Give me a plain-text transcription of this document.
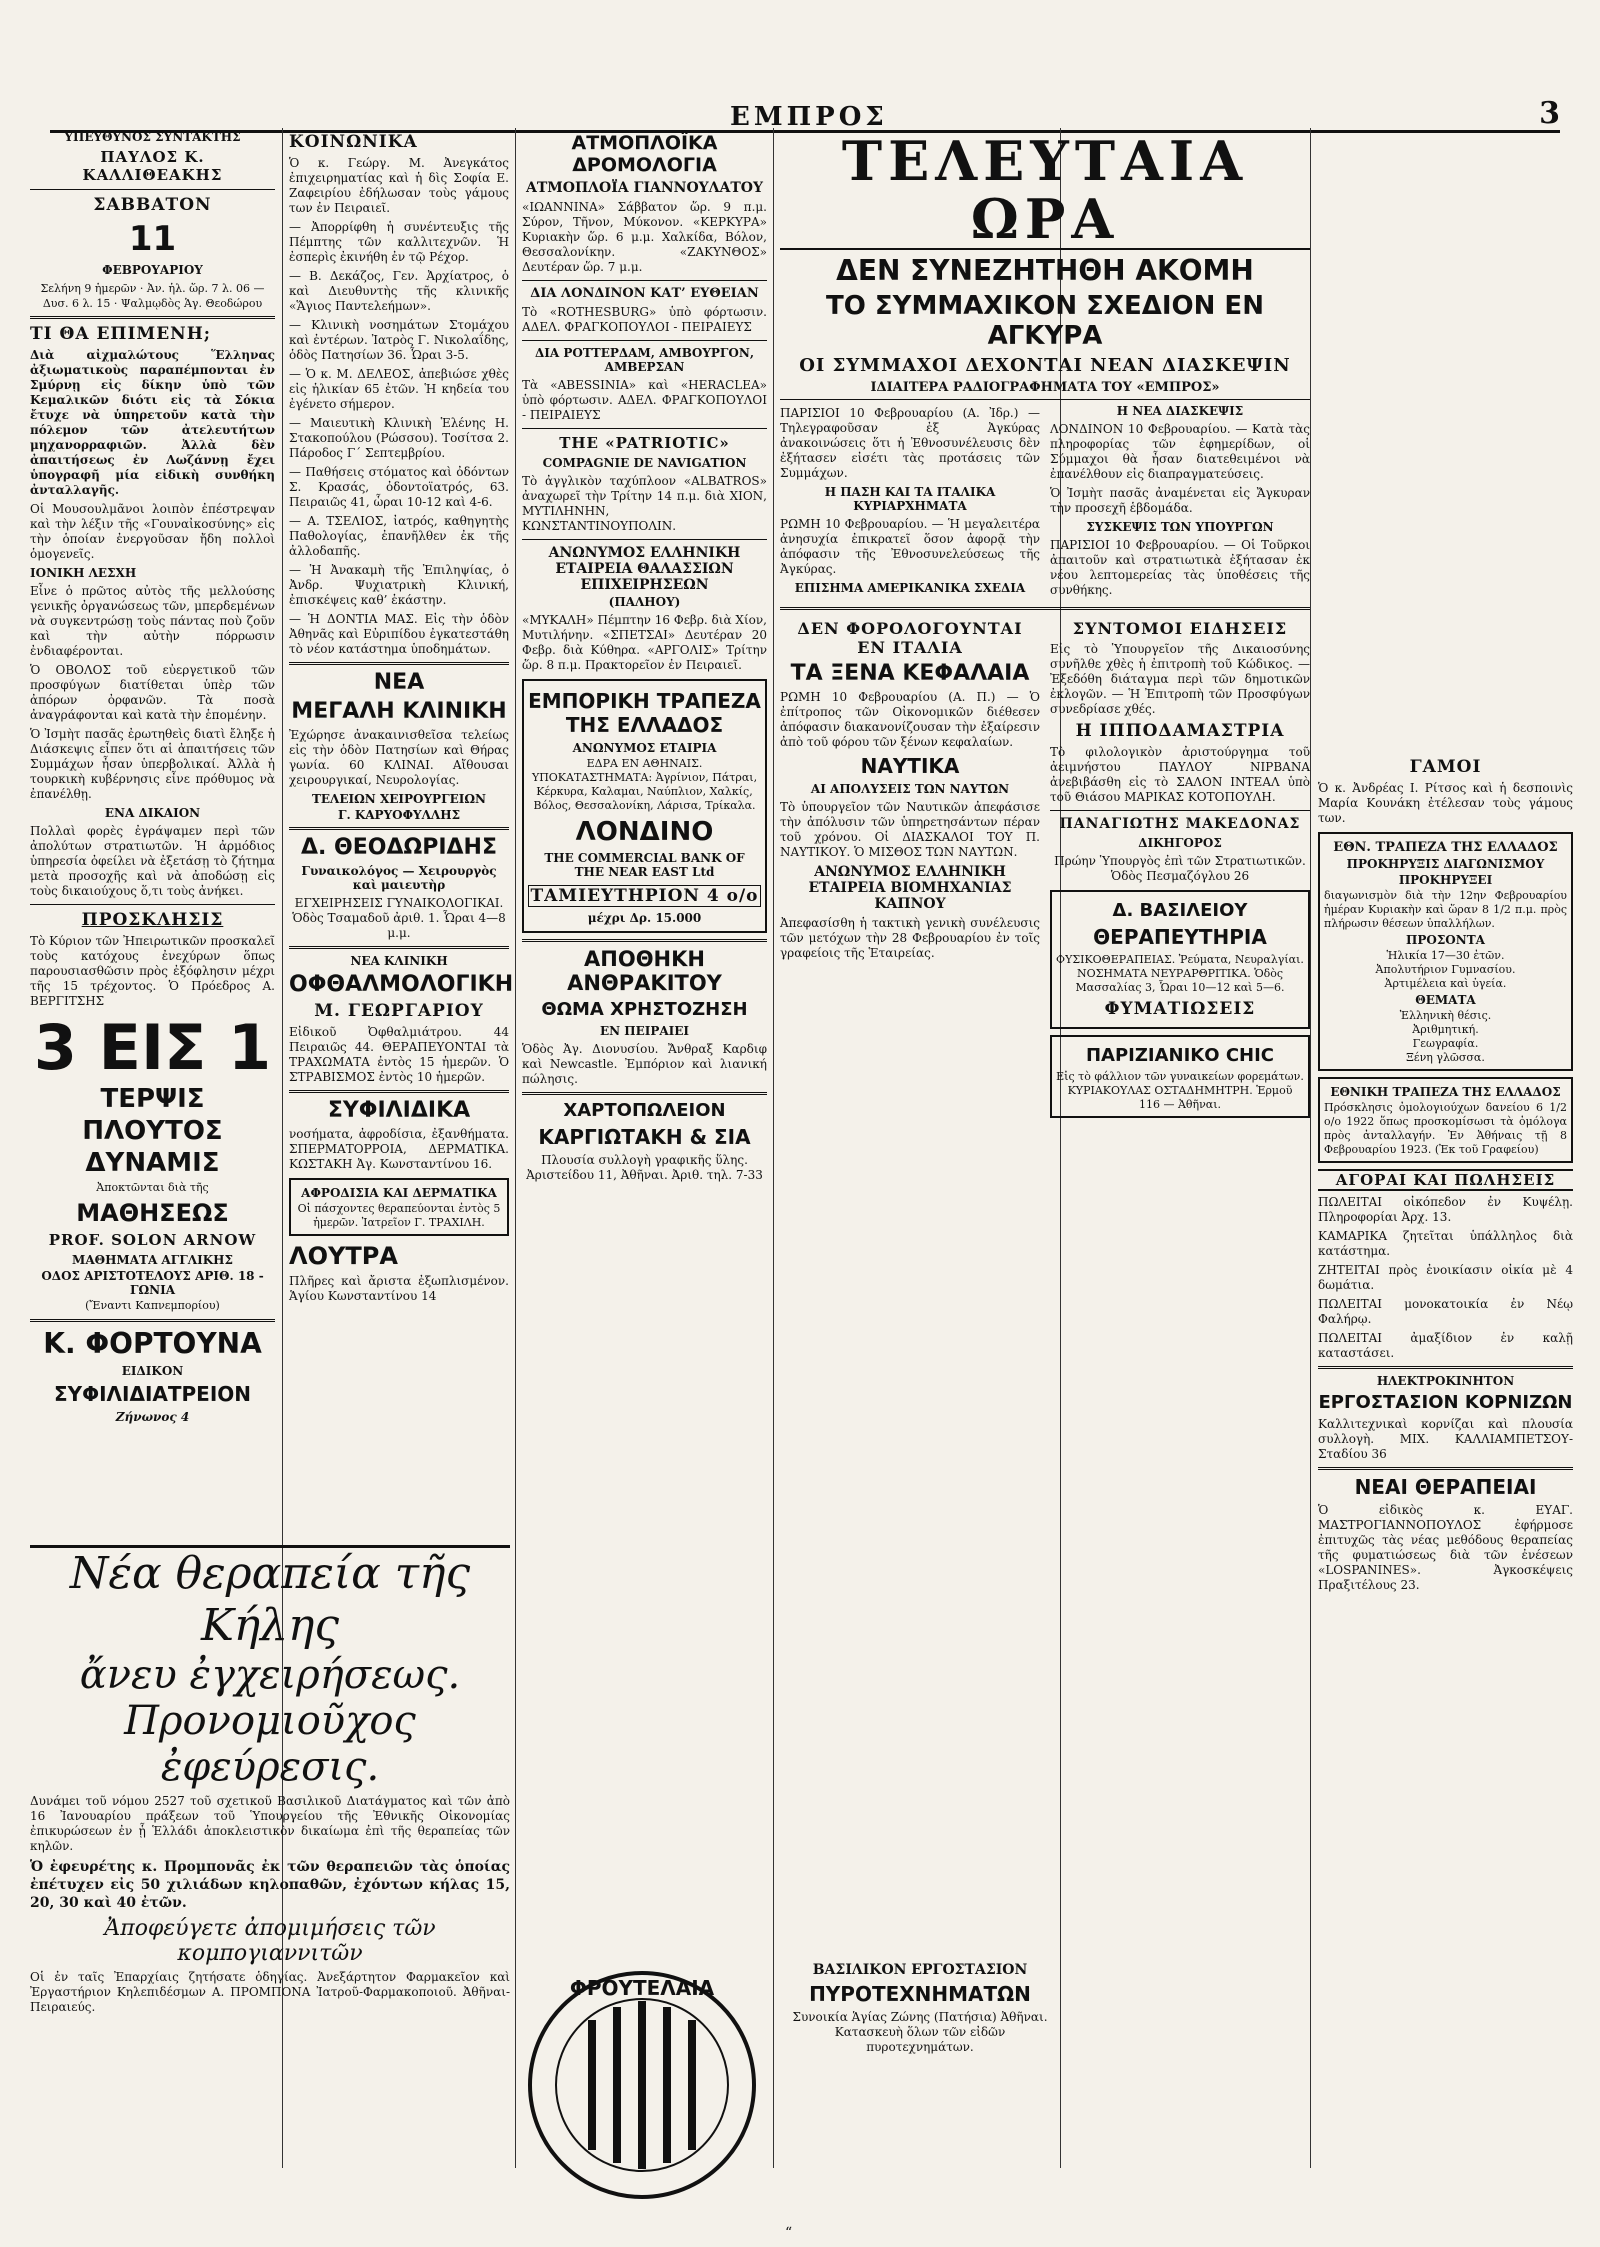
ΕΜΠΡΟΣ	3
ΥΠΕΥΘΥΝΟΣ ΣΥΝΤΑΚΤΗΣ
ΠΑΥΛΟΣ Κ. ΚΑΛΛΙΘΕΑΚΗΣ
ΣΑΒΒΑΤΟΝ
11
ΦΕΒΡΟΥΑΡΙΟΥ
Σελήνη 9 ἡμερῶν · Ἀν. ἡλ. ὥρ. 7 λ. 06 —Δυσ. 6 λ. 15 · Ψαλμῳδὸς Ἁγ. Θεοδώρου
ΤΙ ΘΑ ΕΠΙΜΕΝΗ;
Διὰ αἰχμαλώτους Ἕλληνας ἀξιωματικοὺς παραπέμπονται ἐν Σμύρνῃ εἰς δίκην ὑπὸ τῶν Κεμαλικῶν διότι εἰς τὰ Σόκια ἔτυχε νὰ ὑπηρετοῦν κατὰ τὴν πόλεμον τῶν ἀτελευτήτων μηχανορραφιῶν. Ἀλλὰ δὲν ἀπαιτήσεως ἐν Λωζάννῃ ἔχει ὑπογραφῆ μία εἰδικὴ συνθήκη ἀνταλλαγῆς.
Οἱ Μουσουλμᾶνοι λοιπὸν ἐπέστρεψαν καὶ τὴν λέξιν τῆς «Γουναἰκοσύνης» εἰς τὴν ὁποίαν ἐνεργοῦσαν ἤδη πολλοὶ ὁμογενεῖς.
ΙΟΝΙΚΗ ΛΕΣΧΗ
Εἶνε ὁ πρῶτος αὐτὸς τῆς μελλούσης γενικῆς ὀργανώσεως τῶν, μπερδεμένων νὰ συγκεντρώσῃ τοὺς πάντας ποὺ ζοῦν καὶ τὴν αὐτὴν πόρρωσιν ἐνδιαφέρονται.
Ὁ ΟΒΟΛΟΣ τοῦ εὐεργετικοῦ τῶν προσφύγων διατίθεται ὑπὲρ τῶν ἀπόρων ὀρφανῶν. Τὰ ποσὰ ἀναγράφονται καὶ κατὰ τὴν ἑπομένην.
Ὁ Ἰσμὴτ πασᾶς ἐρωτηθεὶς διατὶ ἔληξε ἡ Διάσκεψις εἶπεν ὅτι αἱ ἀπαιτήσεις τῶν Συμμάχων ἦσαν ὑπερβολικαί. Ἀλλὰ ἡ τουρκικὴ κυβέρνησις εἶνε πρόθυμος νὰ ἐπανέλθῃ.
ΕΝΑ ΔΙΚΑΙΟΝ
Πολλαὶ φορὲς ἐγράψαμεν περὶ τῶν ἀπολύτων στρατιωτῶν. Ἡ ἀρμόδιος ὑπηρεσία ὀφείλει νὰ ἐξετάσῃ τὸ ζήτημα μετὰ προσοχῆς καὶ νὰ ἀποδώσῃ εἰς τοὺς δικαιούχους ὅ,τι τοὺς ἀνήκει.
ΠΡΟΣΚΛΗΣΙΣ
Τὸ Κύριον τῶν Ἠπειρωτικῶν προσκαλεῖ τοὺς κατόχους ἐνεχύρων ὅπως παρουσιασθῶσιν πρὸς ἐξόφλησιν μέχρι τῆς 15 τρέχοντος. Ὁ Πρόεδρος Α. ΒΕΡΓΙΤΣΗΣ
3 ΕΙΣ 1
ΤΕΡΨΙΣ
ΠΛΟΥΤΟΣ
ΔΥΝΑΜΙΣ
Ἀποκτῶνται διὰ τῆς
ΜΑΘΗΣΕΩΣ
PROF. SOLON ARNOW
ΜΑΘΗΜΑΤΑ ΑΓΓΛΙΚΗΣ
ΟΔΟΣ ΑΡΙΣΤΟΤΕΛΟΥΣ ΑΡΙΘ. 18 - ΓΩΝΙΑ
(Ἔναντι Καπνεμπορίου)
Κ. ΦΟΡΤΟΥΝΑ
ΕΙΔΙΚΟΝ
ΣΥΦΙΛΙΔΙΑΤΡΕΙΟΝ
Ζήνωνος 4
ΚΟΙΝΩΝΙΚΑ
Ὁ κ. Γεώργ. Μ. Ἀνεγκάτος ἐπιχειρηματίας καὶ ἡ δὶς Σοφία Ε. Ζαφειρίου ἐδήλωσαν τοὺς γάμους των ἐν Πειραιεῖ.
— Ἀπορρίφθη ἡ συνέντευξις τῆς Πέμπτης τῶν καλλιτεχνῶν. Ἡ ἐσπερὶς ἐκινήθη ἐν τῷ Ρέχορ.
— Β. Δεκάζος, Γεν. Ἀρχίατρος, ὁ καὶ Διευθυντὴς τῆς κλινικῆς «Ἅγιος Παντελεήμων».
— Κλινικὴ νοσημάτων Στομάχου καὶ ἐντέρων. Ἰατρὸς Γ. Νικολαΐδης, ὁδὸς Πατησίων 36. Ὧραι 3-5.
— Ὁ κ. Μ. ΔΕΛΕΟΣ, ἀπεβιώσε χθὲς εἰς ἡλικίαν 65 ἐτῶν. Ἡ κηδεία του ἐγένετο σήμερον.
— Μαιευτικὴ Κλινικὴ Ἑλένης Η. Στακοπούλου (Ρώσσου). Τοσίτσα 2. Πάροδος Γ΄ Σεπτεμβρίου.
— Παθήσεις στόματος καὶ ὀδόντων Σ. Κρασάς, ὀδοντοϊατρός, 63. Πειραιῶς 41, ὧραι 10-12 καὶ 4-6.
— Α. ΤΣΕΛΙΟΣ, ἰατρός, καθηγητὴς Παθολογίας, ἐπανῆλθεν ἐκ τῆς ἀλλοδαπῆς.
— Ἡ Ἀνακαμὴ τῆς Ἐπιληψίας, ὁ Ἀνδρ. Ψυχιατρικὴ Κλινική, ἐπισκέψεις καθ’ ἑκάστην.
— Ἡ ΔΟΝΤΙΑ ΜΑΣ. Εἰς τὴν ὁδὸν Ἀθηνᾶς καὶ Εὐριπίδου ἐγκατεστάθη τὸ νέον κατάστημα ὑποδημάτων.
ΝΕΑ
ΜΕΓΑΛΗ ΚΛΙΝΙΚΗ
Ἐχώρησε ἀνακαινισθεῖσα τελείως εἰς τὴν ὁδὸν Πατησίων καὶ Θήρας γωνία. 60 ΚΛΙΝΑΙ. Αἴθουσαι χειρουργικαί, Νευρολογίας.
ΤΕΛΕΙΩΝ ΧΕΙΡΟΥΡΓΕΙΩΝ
Γ. ΚΑΡΥΟΦΥΛΛΗΣ
Δ. ΘΕΟΔΩΡΙΔΗΣ
Γυναικολόγος — Χειρουργὸς καὶ μαιευτὴρ
ΕΓΧΕΙΡΗΣΕΙΣ ΓΥΝΑΙΚΟΛΟΓΙΚΑΙ. Ὁδὸς Τσαμαδοῦ ἀριθ. 1. Ὧραι 4—8 μ.μ.
ΝΕΑ ΚΛΙΝΙΚΗ
ΟΦΘΑΛΜΟΛΟΓΙΚΗ
Μ. ΓΕΩΡΓΑΡΙΟΥ
Εἰδικοῦ Ὀφθαλμιάτρου. 44 Πειραιῶς 44. ΘΕΡΑΠΕΥΟΝΤΑΙ τὰ ΤΡΑΧΩΜΑΤΑ ἐντὸς 15 ἡμερῶν. Ὁ ΣΤΡΑΒΙΣΜΟΣ ἐντὸς 10 ἡμερῶν.
ΣΥΦΙΛΙΔΙΚΑ
νοσήματα, ἀφροδίσια, ἐξανθήματα. ΣΠΕΡΜΑΤΟΡΡΟΙΑ, ΔΕΡΜΑΤΙΚΑ. ΚΩΣΤΑΚΗ Ἀγ. Κωνσταντίνου 16.
ΑΦΡΟΔΙΣΙΑ ΚΑΙ ΔΕΡΜΑΤΙΚΑ
Οἱ πάσχοντες θεραπεύονται ἐντὸς 5 ἡμερῶν. Ἰατρεῖον Γ. ΤΡΑΧΙΛΗ.
ΛΟΥΤΡΑ
Πλῆρες καὶ ἄριστα ἐξωπλισμένον. Ἁγίου Κωνσταντίνου 14
ΑΤΜΟΠΛΟΪΚΑ ΔΡΟΜΟΛΟΓΙΑ
ΑΤΜΟΠΛΟΪΑ ΓΙΑΝΝΟΥΛΑΤΟΥ
«ΙΩΑΝΝΙΝΑ» Σάββατον ὥρ. 9 π.μ. Σύρον, Τῆνον, Μύκονον. «ΚΕΡΚΥΡΑ» Κυριακὴν ὥρ. 6 μ.μ. Χαλκίδα, Βόλον, Θεσσαλονίκην. «ΖΑΚΥΝΘΟΣ» Δευτέραν ὥρ. 7 μ.μ.
ΔΙΑ ΛΟΝΔΙΝΟΝ ΚΑΤ’ ΕΥΘΕΙΑΝ
Τὸ «ROTHESBURG» ὑπὸ φόρτωσιν. ΑΔΕΛ. ΦΡΑΓΚΟΠΟΥΛΟΙ - ΠΕΙΡΑΙΕΥΣ
ΔΙΑ ΡΟΤΤΕΡΔΑΜ, ΑΜΒΟΥΡΓΟΝ, ΑΜΒΕΡΣΑΝ
Τὰ «ABESSINIA» καὶ «HERACLEA» ὑπὸ φόρτωσιν. ΑΔΕΛ. ΦΡΑΓΚΟΠΟΥΛΟΙ - ΠΕΙΡΑΙΕΥΣ
THE «PATRIOTIC»
COMPAGNIE DE NAVIGATION
Τὸ ἀγγλικὸν ταχύπλοον «ALBATROS» ἀναχωρεῖ τὴν Τρίτην 14 π.μ. διὰ ΧΙΟΝ, ΜΥΤΙΛΗΝΗΝ, ΚΩΝΣΤΑΝΤΙΝΟΥΠΟΛΙΝ.
ΑΝΩΝΥΜΟΣ ΕΛΛΗΝΙΚΗ ΕΤΑΙΡΕΙΑ ΘΑΛΑΣΣΙΩΝ ΕΠΙΧΕΙΡΗΣΕΩΝ
(ΠΑΛΗΟΥ)
«ΜΥΚΑΛΗ» Πέμπτην 16 Φεβρ. διὰ Χίον, Μυτιλήνην. «ΣΠΕΤΣΑΙ» Δευτέραν 20 Φεβρ. διὰ Κύθηρα. «ΑΡΓΟΛΙΣ» Τρίτην ὥρ. 8 π.μ. Πρακτορεῖον ἐν Πειραιεῖ.
ΕΜΠΟΡΙΚΗ ΤΡΑΠΕΖΑ ΤΗΣ ΕΛΛΑΔΟΣ
ΑΝΩΝΥΜΟΣ ΕΤΑΙΡΙΑ
ΕΔΡΑ ΕΝ ΑΘΗΝΑΙΣ. ΥΠΟΚΑΤΑΣΤΗΜΑΤΑ: Ἀγρίνιον, Πάτραι, Κέρκυρα, Καλαμαι, Ναύπλιον, Χαλκίς, Βόλος, Θεσσαλονίκη, Λάρισα, Τρίκαλα.
ΛΟΝΔΙΝΟ
THE COMMERCIAL BANK OF THE NEAR EAST Ltd
ΤΑΜΙΕΥΤΗΡΙΟΝ 4 ο/ο
μέχρι Δρ. 15.000
ΑΠΟΘΗΚΗ ΑΝΘΡΑΚΙΤΟΥ
ΘΩΜΑ ΧΡΗΣΤΟΖΗΣΗ
ΕΝ ΠΕΙΡΑΙΕΙ
Ὁδὸς Ἀγ. Διονυσίου. Ἄνθραξ Καρδιφ καὶ Newcastle. Ἐμπόριον καὶ λιανική πώλησις.
ΧΑΡΤΟΠΩΛΕΙΟΝ
ΚΑΡΓΙΩΤΑΚΗ & ΣΙΑ
Πλουσία συλλογὴ γραφικῆς ὕλης. Ἀριστείδου 11, Ἀθῆναι. Ἀριθ. τηλ. 7-33
ΦΡΟΥΤΕΛΑΙΑ
ΤΕΛΕΥΤΑΙΑ ΩΡΑ
ΔΕΝ ΣΥΝΕΖΗΤΗΘΗ ΑΚΟΜΗ
ΤΟ ΣΥΜΜΑΧΙΚΟΝ ΣΧΕΔΙΟΝ ΕΝ ΑΓΚΥΡΑ
ΟΙ ΣΥΜΜΑΧΟΙ ΔΕΧΟΝΤΑΙ ΝΕΑΝ ΔΙΑΣΚΕΨΙΝ
ΙΔΙΑΙΤΕΡΑ ΡΑΔΙΟΓΡΑΦΗΜΑΤΑ ΤΟΥ «ΕΜΠΡΟΣ»
ΠΑΡΙΣΙΟΙ 10 Φεβρουαρίου (Α. Ἰδρ.) — Τηλεγραφοῦσαν ἐξ Ἀγκύρας ἀνακοινώσεις ὅτι ἡ Ἐθνοσυνέλευσις δὲν ἐξήτασεν εἰσέτι τὰς προτάσεις τῶν Συμμάχων.
Η ΠΑΣΗ ΚΑΙ ΤΑ ΙΤΑΛΙΚΑ ΚΥΡΙΑΡΧΗΜΑΤΑ
ΡΩΜΗ 10 Φεβρουαρίου. — Ἡ μεγαλειτέρα ἀνησυχία ἐπικρατεῖ ὅσον ἀφορᾷ τὴν ἀπόφασιν τῆς Ἐθνοσυνελεύσεως τῆς Ἀγκύρας.
ΕΠΙΣΗΜΑ ΑΜΕΡΙΚΑΝΙΚΑ ΣΧΕΔΙΑ
Η ΝΕΑ ΔΙΑΣΚΕΨΙΣ
ΛΟΝΔΙΝΟΝ 10 Φεβρουαρίου. — Κατὰ τὰς πληροφορίας τῶν ἐφημερίδων, οἱ Σύμμαχοι θὰ ἦσαν διατεθειμένοι νὰ ἐπανέλθουν εἰς διαπραγματεύσεις.
Ὁ Ἰσμὴτ πασᾶς ἀναμένεται εἰς Ἄγκυραν τὴν προσεχῆ ἑβδομάδα.
ΣΥΣΚΕΨΙΣ ΤΩΝ ΥΠΟΥΡΓΩΝ
ΠΑΡΙΣΙΟΙ 10 Φεβρουαρίου. — Οἱ Τοῦρκοι ἀπαιτοῦν καὶ στρατιωτικὰ ἐξήτασαν ἐκ νέου λεπτομερείας τὰς ὑποθέσεις τῆς συνθήκης.
ΔΕΝ ΦΟΡΟΛΟΓΟΥΝΤΑΙ ΕΝ ΙΤΑΛΙΑ
ΤΑ ΞΕΝΑ ΚΕΦΑΛΑΙΑ
ΡΩΜΗ 10 Φεβρουαρίου (Α. Π.) — Ὁ ἐπίτροπος τῶν Οἰκονομικῶν διέθεσεν ἀπόφασιν διακανονίζουσαν τὴν ἐξαίρεσιν ἀπὸ τοῦ φόρου τῶν ξένων κεφαλαίων.
ΝΑΥΤΙΚΑ
ΑΙ ΑΠΟΛΥΣΕΙΣ ΤΩΝ ΝΑΥΤΩΝ
Τὸ ὑπουργεῖον τῶν Ναυτικῶν ἀπεφάσισε τὴν ἀπόλυσιν τῶν ὑπηρετησάντων πέραν τοῦ χρόνου. Οἱ ΔΙΑΣΚΑΛΟΙ ΤΟΥ Π. ΝΑΥΤΙΚΟΥ. Ὁ ΜΙΣΘΟΣ ΤΩΝ ΝΑΥΤΩΝ.
ΑΝΩΝΥΜΟΣ ΕΛΛΗΝΙΚΗ ΕΤΑΙΡΕΙΑ ΒΙΟΜΗΧΑΝΙΑΣ ΚΑΠΝΟΥ
Ἀπεφασίσθη ἡ τακτικὴ γενικὴ συνέλευσις τῶν μετόχων τὴν 28 Φεβρουαρίου ἐν τοῖς γραφείοις τῆς Ἑταιρείας.
ΣΥΝΤΟΜΟΙ ΕΙΔΗΣΕΙΣ
Εἰς τὸ Ὑπουργεῖον τῆς Δικαιοσύνης συνῆλθε χθὲς ἡ ἐπιτροπὴ τοῦ Κώδικος. — Ἐξεδόθη διάταγμα περὶ τῶν δημοτικῶν ἐκλογῶν. — Ἡ Ἐπιτροπὴ τῶν Προσφύγων συνεδρίασε χθές.
Η ΙΠΠΟΔΑΜΑΣΤΡΙΑ
Τὸ φιλολογικὸν ἀριστούργημα τοῦ ἀειμνήστου ΠΑΥΛΟΥ ΝΙΡΒΑΝΑ ἀνεβιβάσθη εἰς τὸ ΣΑΛΟΝ ΙΝΤΕΑΛ ὑπὸ τοῦ Θιάσου ΜΑΡΙΚΑΣ ΚΟΤΟΠΟΥΛΗ.
ΠΑΝΑΓΙΩΤΗΣ ΜΑΚΕΔΟΝΑΣ
ΔΙΚΗΓΟΡΟΣ
Πρώην Ὑπουργὸς ἐπὶ τῶν Στρατιωτικῶν. Ὁδὸς Πεσμαζόγλου 26
Δ. ΒΑΣΙΛΕΙΟΥ
ΘΕΡΑΠΕΥΤΗΡΙΑ
ΦΥΣΙΚΟΘΕΡΑΠΕΙΑΣ. Ῥεύματα, Νευραλγίαι. ΝΟΣΗΜΑΤΑ ΝΕΥΡΑΡΘΡΙΤΙΚΑ. Ὁδὸς Μασσαλίας 3, Ὧραι 10—12 καὶ 5—6.
ΦΥΜΑΤΙΩΣΕΙΣ
ΠΑΡΙΖΙΑΝΙΚΟ CHIC
Εἰς τὸ φάλλιον τῶν γυναικείων φορεμάτων. ΚΥΡΙΑΚΟΥΛΑΣ ΟΣΤΑΔΗΜΗΤΡΗ. Ἑρμοῦ 116 — Ἀθῆναι.
ΓΑΜΟΙ
Ὁ κ. Ἀνδρέας Ι. Ρίτσος καὶ ἡ δεσποινὶς Μαρία Κουνάκη ἐτέλεσαν τοὺς γάμους των.
ΕΘΝ. ΤΡΑΠΕΖΑ ΤΗΣ ΕΛΛΑΔΟΣ
ΠΡΟΚΗΡΥΞΙΣ ΔΙΑΓΩΝΙΣΜΟΥ
ΠΡΟΚΗΡΥΞΕΙ
διαγωνισμὸν διὰ τὴν 12ην Φεβρουαρίου ἡμέραν Κυριακὴν καὶ ὥραν 8 1/2 π.μ. πρὸς πλήρωσιν θέσεων ὑπαλλήλων.
ΠΡΟΣΟΝΤΑ
Ἡλικία 17—30 ἐτῶν.
Ἀπολυτήριον Γυμνασίου.
Ἀρτιμέλεια καὶ ὑγεία.
ΘΕΜΑΤΑ
Ἑλληνικὴ θέσις.
Ἀριθμητική.
Γεωγραφία.
Ξένη γλῶσσα.
ΕΘΝΙΚΗ ΤΡΑΠΕΖΑ ΤΗΣ ΕΛΛΑΔΟΣ
Πρόσκλησις ὀμολογιούχων δανείου 6 1/2 ο/ο 1922 ὅπως προσκομίσωσι τὰ ὁμόλογα πρὸς ἀνταλλαγήν. Ἐν Ἀθήναις τῇ 8 Φεβρουαρίου 1923. (Ἐκ τοῦ Γραφείου)
ΑΓΟΡΑΙ ΚΑΙ ΠΩΛΗΣΕΙΣ
ΠΩΛΕΙΤΑΙ οἰκόπεδον ἐν Κυψέλῃ. Πληροφορίαι Ἀρχ. 13.
ΚΑΜΑΡΙΚΑ ζητεῖται ὑπάλληλος διὰ κατάστημα.
ΖΗΤΕΙΤΑΙ πρὸς ἐνοικίασιν οἰκία μὲ 4 δωμάτια.
ΠΩΛΕΙΤΑΙ μονοκατοικία ἐν Νέῳ Φαλήρῳ.
ΠΩΛΕΙΤΑΙ ἀμαξίδιον ἐν καλῇ καταστάσει.
ΗΛΕΚΤΡΟΚΙΝΗΤΟΝ
ΕΡΓΟΣΤΑΣΙΟΝ ΚΟΡΝΙΖΩΝ
Καλλιτεχνικαὶ κορνίζαι καὶ πλουσία συλλογὴ. ΜΙΧ. ΚΑΛΛΙΑΜΠΕΤΣΟΥ-Σταδίου 36
ΝΕΑΙ ΘΕΡΑΠΕΙΑΙ
Ὁ εἰδικὸς κ. ΕΥΑΓ. ΜΑΣΤΡΟΓΙΑΝΝΟΠΟΥΛΟΣ ἐφήρμοσε ἐπιτυχῶς τὰς νέας μεθόδους θεραπείας τῆς φυματιώσεως διὰ τῶν ἐνέσεων «LOSPANINES». Ἀγκοσκέψεις Πραξιτέλους 23.
Νέα θεραπεία τῆς Κήλης
ἄνευ ἐγχειρήσεως.
Προνομιοῦχος ἐφεύρεσις.
Δυνάμει τοῦ νόμου 2527 τοῦ σχετικοῦ Βασιλικοῦ Διατάγματος καὶ τῶν ἀπὸ 16 Ἰανουαρίου πράξεων τοῦ Ὑπουργείου τῆς Ἐθνικῆς Οἰκονομίας ἐπικυρώσεων ἐν ᾗ Ἑλλάδι ἀποκλειστικὸν δικαίωμα ἐπὶ τῆς θεραπείας τῶν κηλῶν.
Ὁ ἐφευρέτης κ. Προμπονᾶς ἐκ τῶν θεραπειῶν τὰς ὁποίας ἐπέτυχεν εἰς 50 χιλιάδων κηλοπαθῶν, ἐχόντων κήλας 15, 20, 30 καὶ 40 ἐτῶν.
Ἀποφεύγετε ἀπομιμήσεις τῶν κομπογιαννιτῶν
Οἱ ἐν ταῖς Ἐπαρχίαις ζητήσατε ὁδηγίας. Ἀνεξάρτητον Φαρμακεῖον καὶ Ἐργαστήριον Κηλεπιδέσμων Α. ΠΡΟΜΠΟΝΑ Ἰατροῦ-Φαρμακοποιοῦ. Ἀθῆναι-Πειραιεύς.
ΒΑΣΙΛΙΚΟΝ ΕΡΓΟΣΤΑΣΙΟΝ
ΠΥΡΟΤΕΧΝΗΜΑΤΩΝ
Συνοικία Ἁγίας Ζώνης (Πατήσια) Ἀθῆναι. Κατασκευὴ ὅλων τῶν εἰδῶν πυροτεχνημάτων.
“
